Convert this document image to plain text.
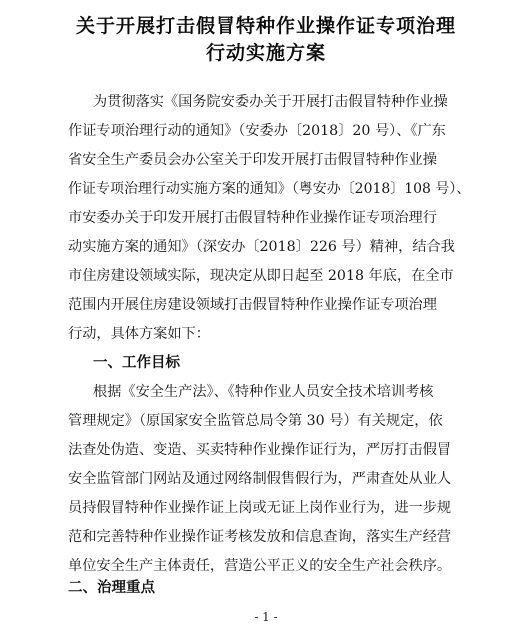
关于开展打击假冒特种作业操作证专项治理
行动实施方案
为贯彻落实《国务院安委办关于开展打击假冒特种作业操
作证专项治理行动的通知》（安委办〔2018〕20 号）、《广东
省安全生产委员会办公室关于印发开展打击假冒特种作业操
作证专项治理行动实施方案的通知》（粤安办〔2018〕108 号）、
市安委办关于印发开展打击假冒特种作业操作证专项治理行
动实施方案的通知》（深安办〔2018〕226 号）精神，结合我
市住房建设领域实际，现决定从即日起至 2018 年底，在全市
范围内开展住房建设领域打击假冒特种作业操作证专项治理
行动，具体方案如下：
一、工作目标
根据《安全生产法》、《特种作业人员安全技术培训考核
管理规定》（原国家安全监管总局令第 30 号）有关规定，依
法查处伪造、变造、买卖特种作业操作证行为，严厉打击假冒
安全监管部门网站及通过网络制假售假行为，严肃查处从业人
员持假冒特种作业操作证上岗或无证上岗作业行为，进一步规
范和完善特种作业操作证考核发放和信息查询，落实生产经营
单位安全生产主体责任，营造公平正义的安全生产社会秩序。
二、治理重点
- 1 -
